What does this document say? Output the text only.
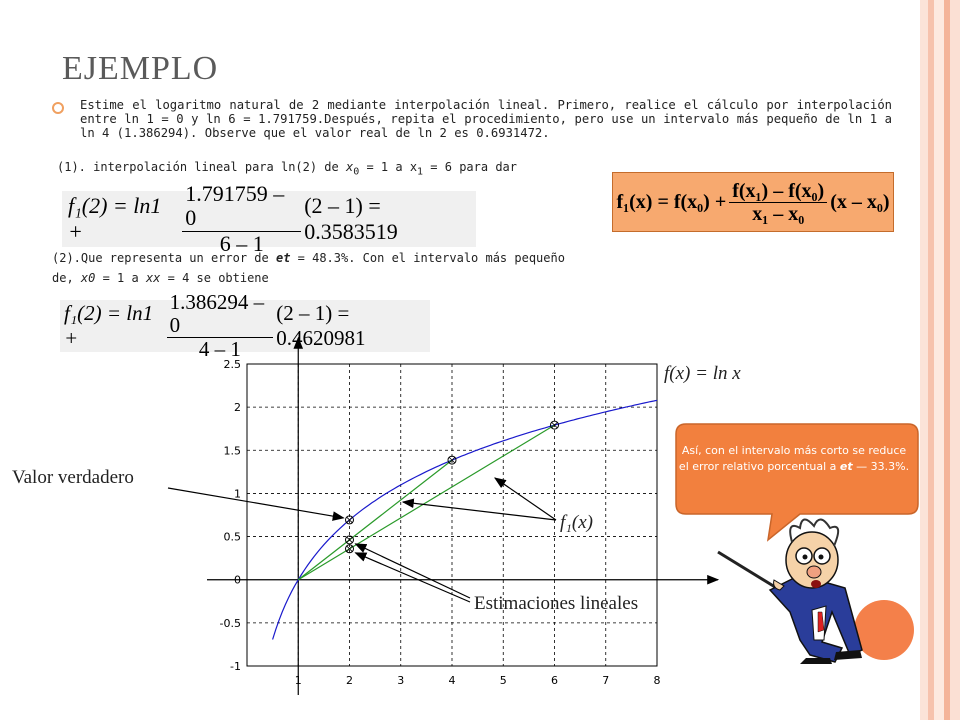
EJEMPLO
Estime el logaritmo natural de 2 mediante interpolación lineal. Primero, realice el cálculo por interpolación entre ln 1 = 0 y ln 6 = 1.791759.Después, repita el procedimiento, pero use un intervalo más pequeño de ln 1 a ln 4 (1.386294). Observe que el valor real de ln 2 es 0.6931472.
(1). interpolación lineal para ln(2) de $x_0 = 1$ a $x_1 = 6$ para dar
$f_1(x) = f(x_0) + \frac{\text{f(x₁) – f(x₀)}}{\text{x₁ – x₀}} (x - x_0)$
f₁(2) = ln1 +	$\frac{1.791759 - 0}{6 - 1} (2 - 1) = 0.3583519$
(2).Que representa un error de et = 48.3%. Con el intervalo más pequeño
de, x0 = 1 a xx = 4 se obtiene
f₁(2) = ln1 +	$\frac{1.386294 - 0}{4 - 1} (2 - 1) = 0.4620981$
1	2	3	4	5	6	7	8
2.5
2
1.5
1
0.5
0
-0.5
-1
f(x) = ln x
Valor verdadero
f₁(x)
Estimaciones lineales
Así, con el intervalo más corto se reduce el error relativo porcentual a et — 33.3%.
